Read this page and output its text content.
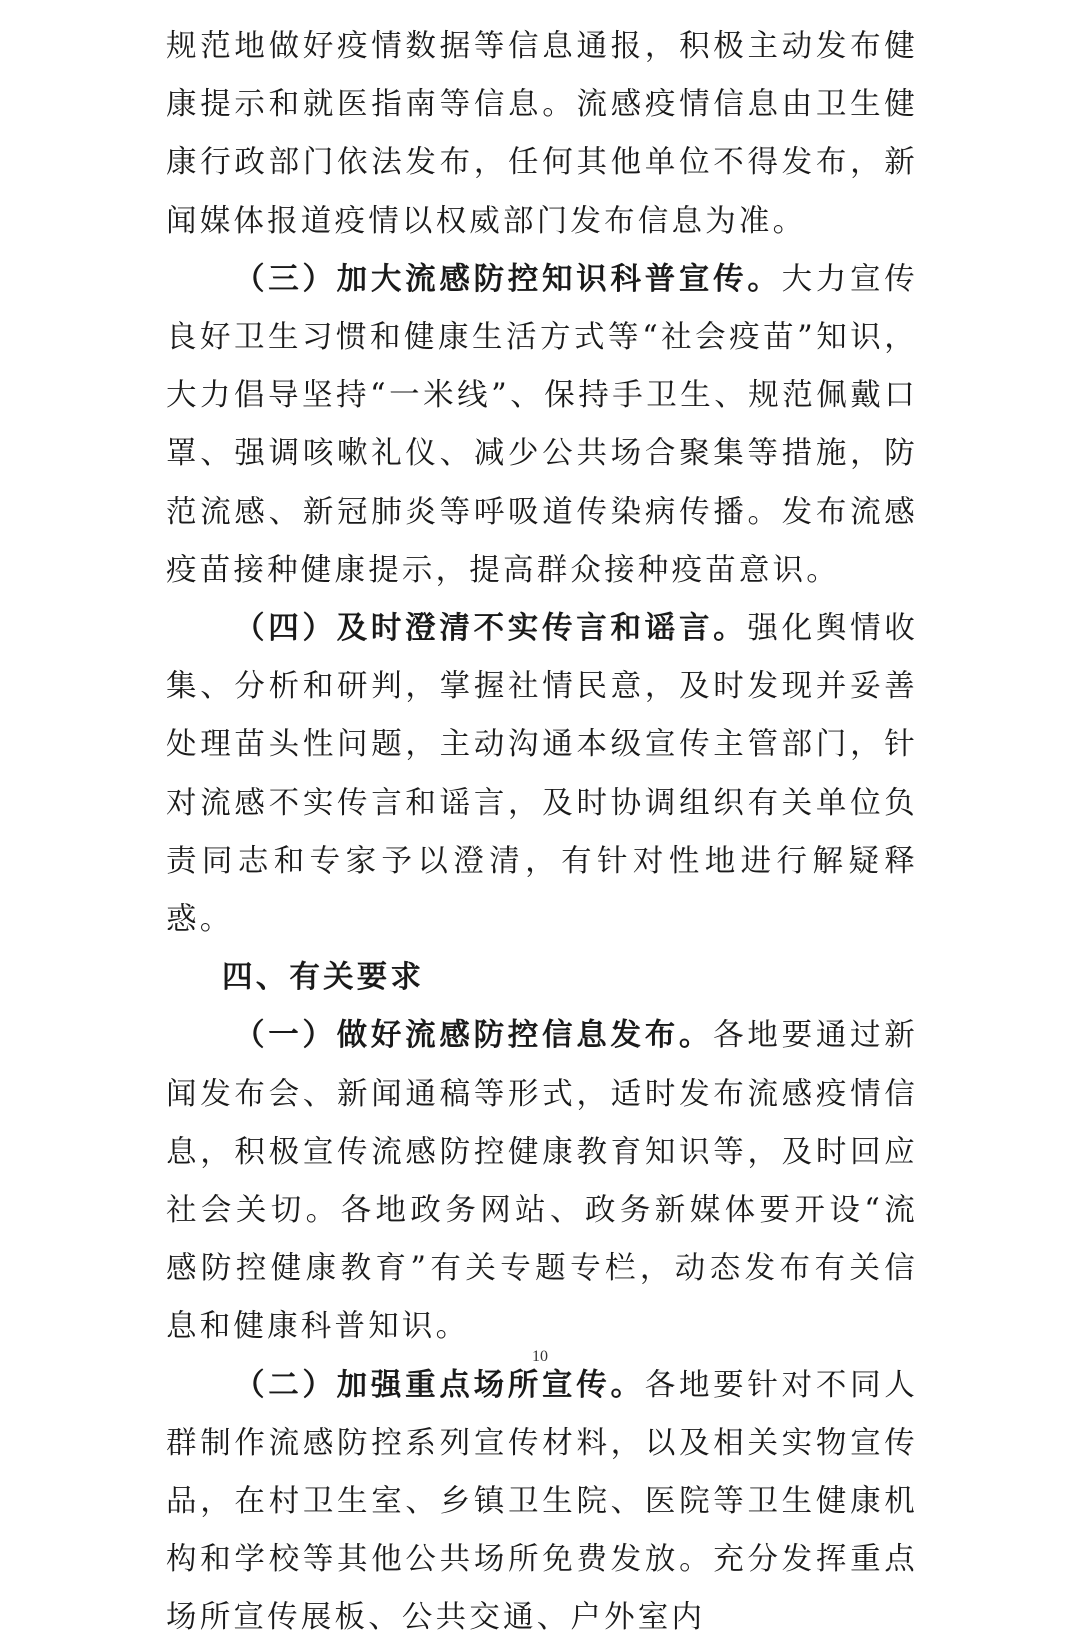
规范地做好疫情数据等信息通报，积极主动发布健康提示和就医指南等信息。流感疫情信息由卫生健康行政部门依法发布，任何其他单位不得发布，新闻媒体报道疫情以权威部门发布信息为准。

（三）加大流感防控知识科普宣传。大力宣传良好卫生习惯和健康生活方式等“社会疫苗”知识，大力倡导坚持“一米线”、保持手卫生、规范佩戴口罩、强调咳嗽礼仪、减少公共场合聚集等措施，防范流感、新冠肺炎等呼吸道传染病传播。发布流感疫苗接种健康提示，提高群众接种疫苗意识。

（四）及时澄清不实传言和谣言。强化舆情收集、分析和研判，掌握社情民意，及时发现并妥善处理苗头性问题，主动沟通本级宣传主管部门，针对流感不实传言和谣言，及时协调组织有关单位负责同志和专家予以澄清，有针对性地进行解疑释惑。

四、有关要求

（一）做好流感防控信息发布。各地要通过新闻发布会、新闻通稿等形式，适时发布流感疫情信息，积极宣传流感防控健康教育知识等，及时回应社会关切。各地政务网站、政务新媒体要开设“流感防控健康教育”有关专题专栏，动态发布有关信息和健康科普知识。

（二）加强重点场所宣传。各地要针对不同人群制作流感防控系列宣传材料，以及相关实物宣传品，在村卫生室、乡镇卫生院、医院等卫生健康机构和学校等其他公共场所免费发放。充分发挥重点场所宣传展板、公共交通、户外室内

10
